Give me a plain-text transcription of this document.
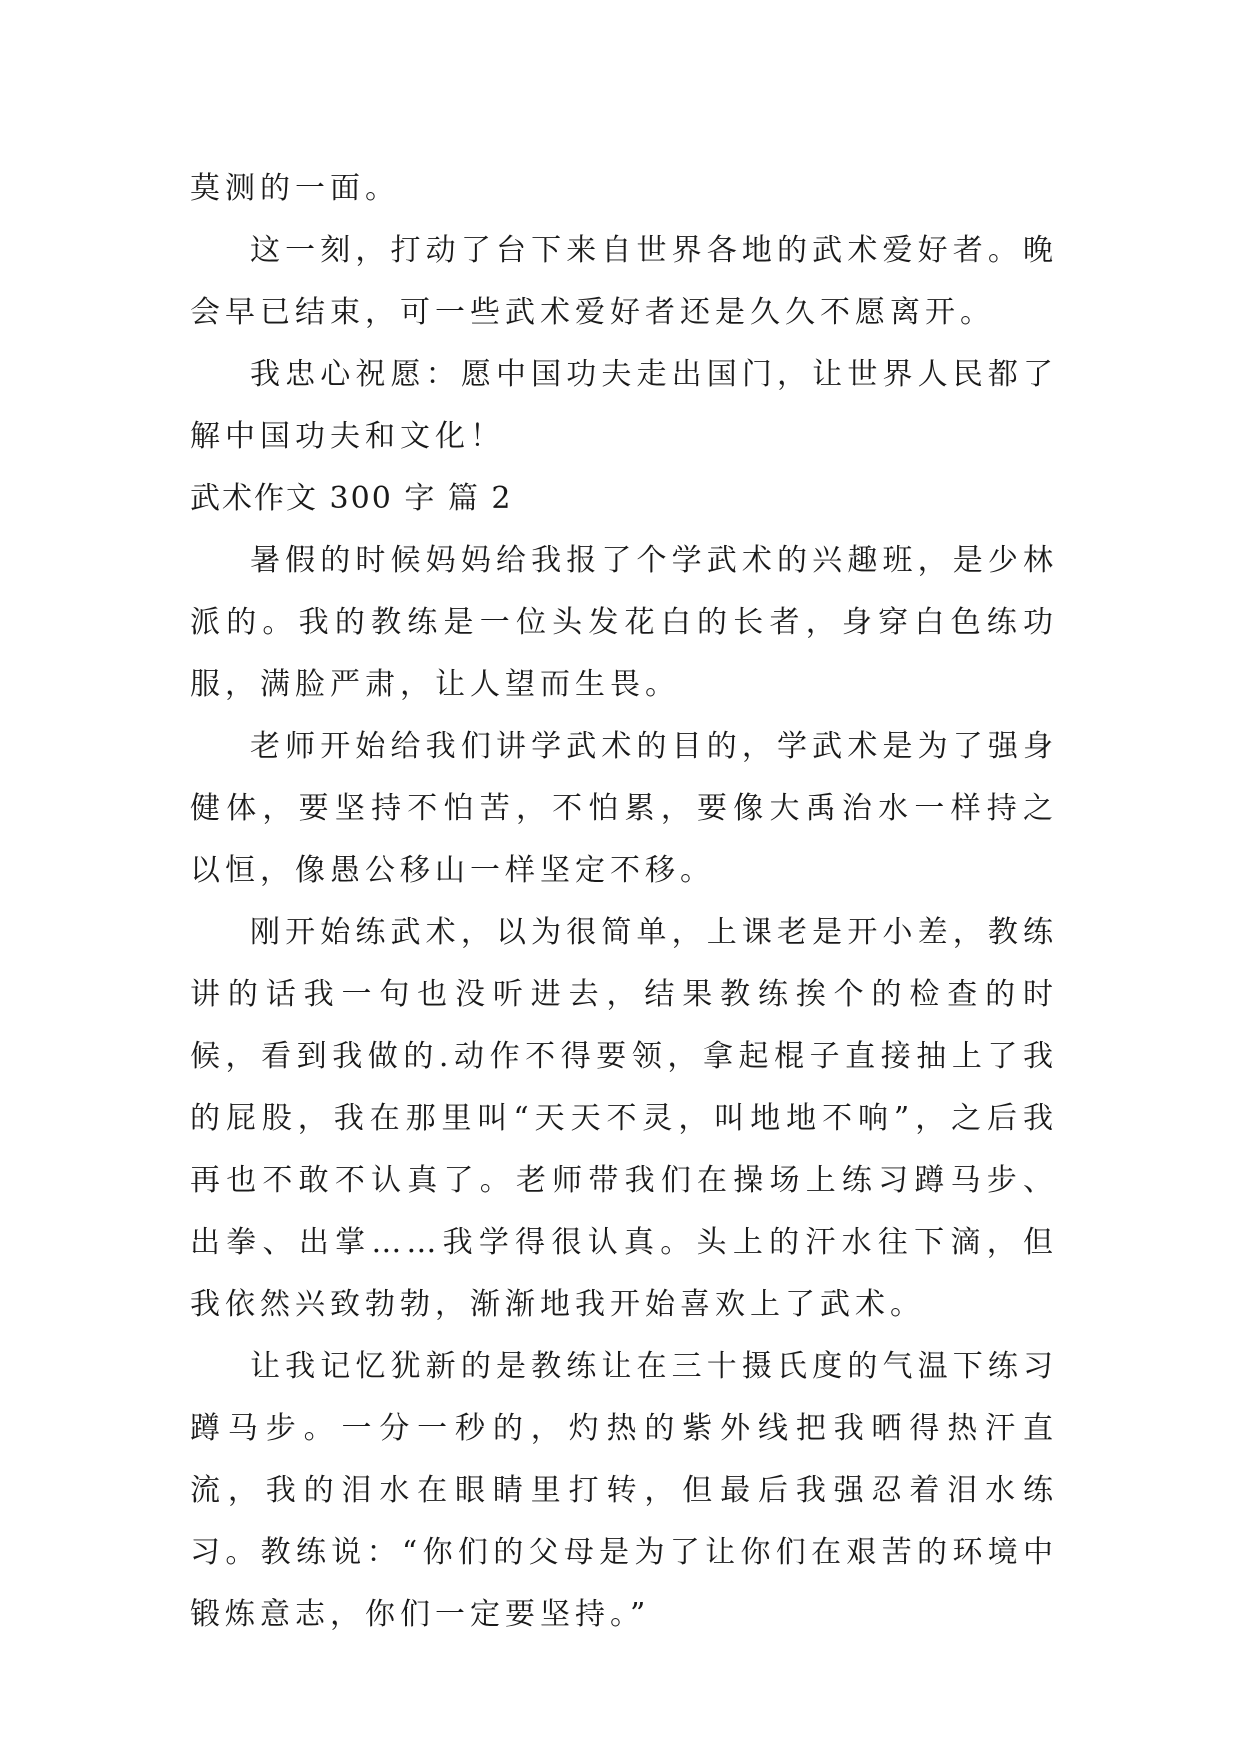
莫测的一面。

这一刻，打动了台下来自世界各地的武术爱好者。晚会早已结束，可一些武术爱好者还是久久不愿离开。

我忠心祝愿：愿中国功夫走出国门，让世界人民都了解中国功夫和文化！

武术作文 300 字 篇 2

暑假的时候妈妈给我报了个学武术的兴趣班，是少林派的。我的教练是一位头发花白的长者，身穿白色练功服，满脸严肃，让人望而生畏。

老师开始给我们讲学武术的目的，学武术是为了强身健体，要坚持不怕苦，不怕累，要像大禹治水一样持之以恒，像愚公移山一样坚定不移。

刚开始练武术，以为很简单，上课老是开小差，教练讲的话我一句也没听进去，结果教练挨个的检查的时候，看到我做的.动作不得要领，拿起棍子直接抽上了我的屁股，我在那里叫“天天不灵，叫地地不响”，之后我再也不敢不认真了。老师带我们在操场上练习蹲马步、出拳、出掌……我学得很认真。头上的汗水往下滴，但我依然兴致勃勃，渐渐地我开始喜欢上了武术。

让我记忆犹新的是教练让在三十摄氏度的气温下练习蹲马步。一分一秒的，灼热的紫外线把我晒得热汗直流，我的泪水在眼睛里打转，但最后我强忍着泪水练习。教练说：“你们的父母是为了让你们在艰苦的环境中锻炼意志，你们一定要坚持。”
